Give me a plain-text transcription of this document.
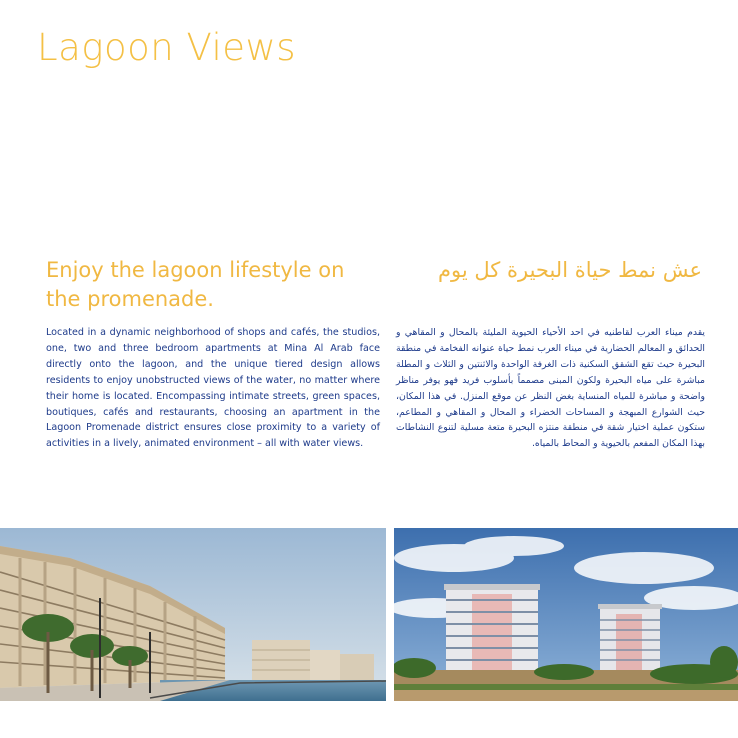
Lagoon Views
Enjoy the lagoon lifestyle on the promenade.
عش نمط حياة البحيرة كل يوم
Located in a dynamic neighborhood of shops and cafés, the studios, one, two and three bedroom apartments at Mina Al Arab face directly onto the lagoon, and the unique tiered design allows residents to enjoy unobstructed views of the water, no matter where their home is located. Encompassing intimate streets, green spaces, boutiques, cafés and restaurants, choosing an apartment in the Lagoon Promenade district ensures close proximity to a variety of activities in a lively, animated environment – all with water views.
يقدم ميناء العرب لقاطنيه في احد الأحياء الحيوية المليئة بالمحال و المقاهي و الحدائق و المعالم الحضارية في ميناء العرب نمط حياة عنوانه الفخامة في منطقة البحيرة حيث تقع الشقق السكنية ذات الغرفة الواحدة والاثنتين و الثلاث و المطلة مباشرة على مياه البحيرة ولكون المبنى مصمماً بأسلوب فريد فهو يوفر مناظر واضحة و مباشرة للمياه المنساية بغض النظر عن موقع المنزل. في هذا المكان، حيث الشوارع المبهجة و المساحات الخضراء و المحال و المقاهي و المطاعم، ستكون عملية اختيار شقة في منطقة منتزه البحيرة متعة مسلية لتنوع النشاطات بهذا المكان المفعم بالحيوية و المحاط بالمياه.
